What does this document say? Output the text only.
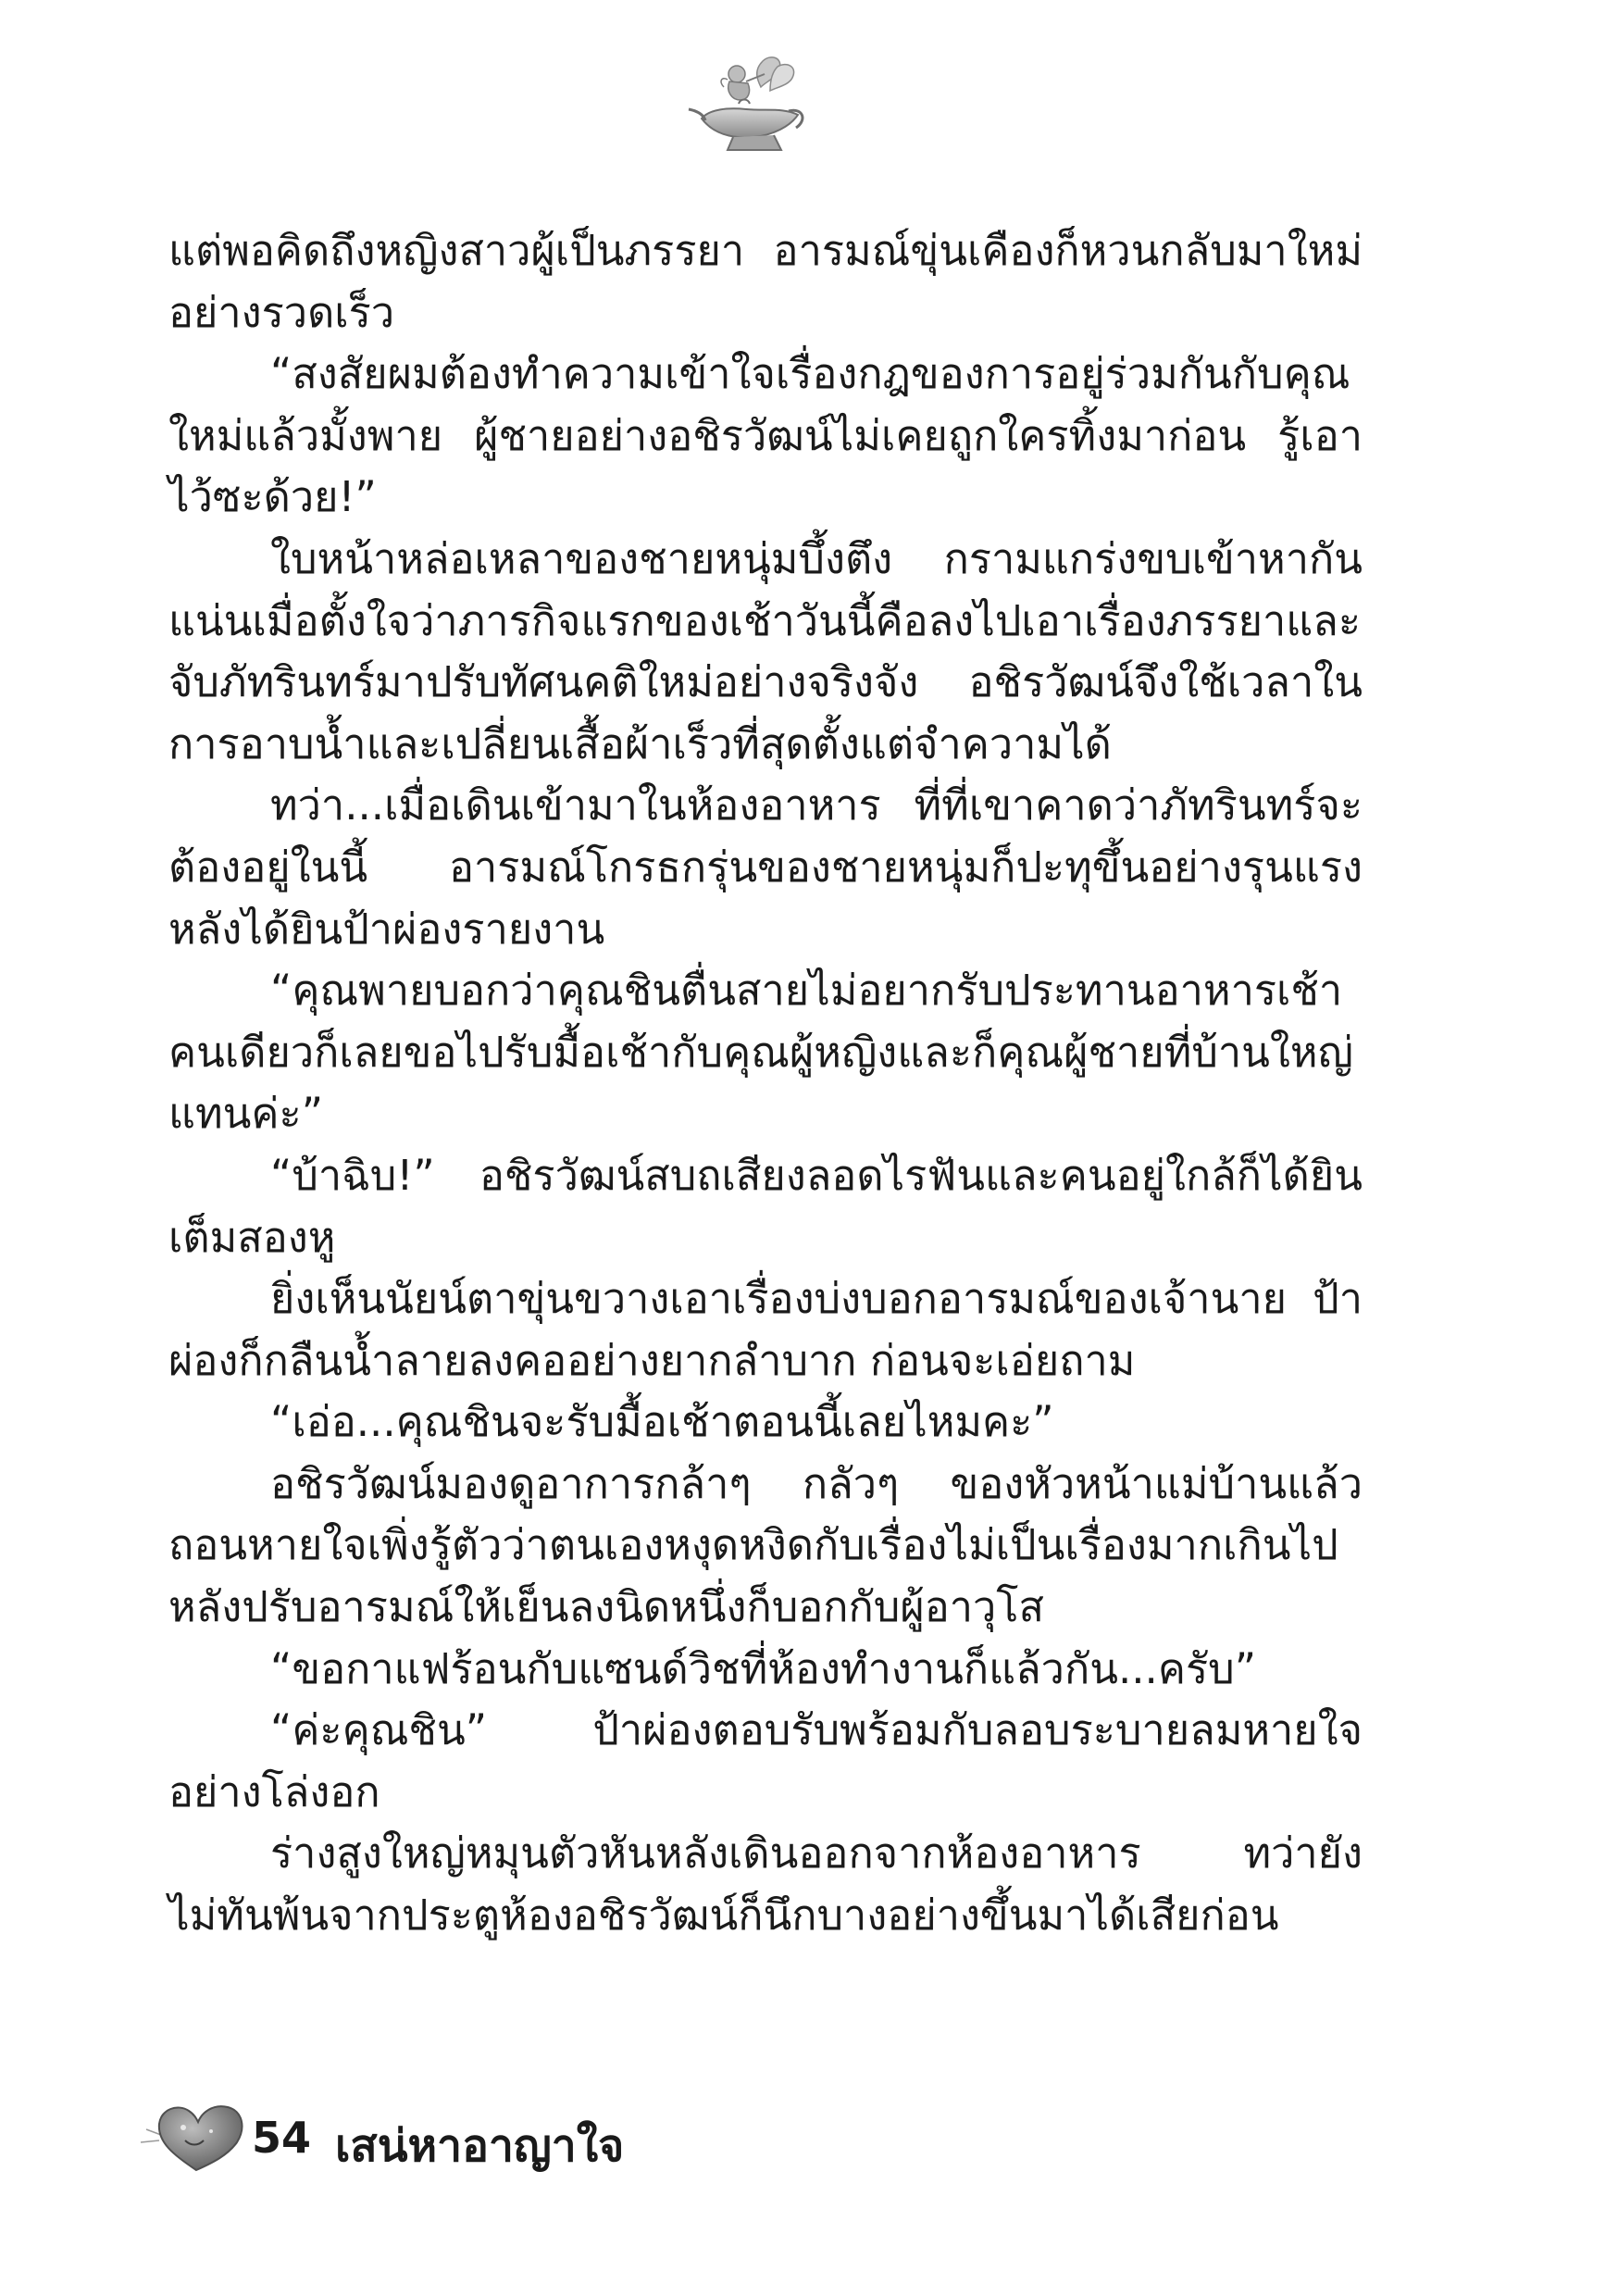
แต่พอคิดถึงหญิงสาวผู้เป็นภรรยา อารมณ์ขุ่นเคืองก็หวนกลับมาใหม่อย่างรวดเร็ว

“สงสัยผมต้องทำความเข้าใจเรื่องกฎของการอยู่ร่วมกันกับคุณใหม่แล้วมั้งพาย ผู้ชายอย่างอชิรวัฒน์ไม่เคยถูกใครทิ้งมาก่อน รู้เอาไว้ซะด้วย!”

ใบหน้าหล่อเหลาของชายหนุ่มบึ้งตึง กรามแกร่งขบเข้าหากันแน่นเมื่อตั้งใจว่าภารกิจแรกของเช้าวันนี้คือลงไปเอาเรื่องภรรยาและจับภัทรินทร์มาปรับทัศนคติใหม่อย่างจริงจัง อชิรวัฒน์จึงใช้เวลาในการอาบน้ำและเปลี่ยนเสื้อผ้าเร็วที่สุดตั้งแต่จำความได้

ทว่า...เมื่อเดินเข้ามาในห้องอาหาร ที่ที่เขาคาดว่าภัทรินทร์จะต้องอยู่ในนี้ อารมณ์โกรธกรุ่นของชายหนุ่มก็ปะทุขึ้นอย่างรุนแรงหลังได้ยินป้าผ่องรายงาน

“คุณพายบอกว่าคุณชินตื่นสายไม่อยากรับประทานอาหารเช้าคนเดียวก็เลยขอไปรับมื้อเช้ากับคุณผู้หญิงและก็คุณผู้ชายที่บ้านใหญ่แทนค่ะ”

“บ้าฉิบ!” อชิรวัฒน์สบถเสียงลอดไรฟันและคนอยู่ใกล้ก็ได้ยินเต็มสองหู

ยิ่งเห็นนัยน์ตาขุ่นขวางเอาเรื่องบ่งบอกอารมณ์ของเจ้านาย ป้าผ่องก็กลืนน้ำลายลงคออย่างยากลำบาก ก่อนจะเอ่ยถาม

“เอ่อ...คุณชินจะรับมื้อเช้าตอนนี้เลยไหมคะ”

อชิรวัฒน์มองดูอาการกล้าๆ กลัวๆ ของหัวหน้าแม่บ้านแล้วถอนหายใจเพิ่งรู้ตัวว่าตนเองหงุดหงิดกับเรื่องไม่เป็นเรื่องมากเกินไป หลังปรับอารมณ์ให้เย็นลงนิดหนึ่งก็บอกกับผู้อาวุโส

“ขอกาแฟร้อนกับแซนด์วิชที่ห้องทำงานก็แล้วกัน...ครับ”

“ค่ะคุณชิน” ป้าผ่องตอบรับพร้อมกับลอบระบายลมหายใจอย่างโล่งอก

ร่างสูงใหญ่หมุนตัวหันหลังเดินออกจากห้องอาหาร ทว่ายังไม่ทันพ้นจากประตูห้องอชิรวัฒน์ก็นึกบางอย่างขึ้นมาได้เสียก่อน

54 เสน่หาอาญาใจ
